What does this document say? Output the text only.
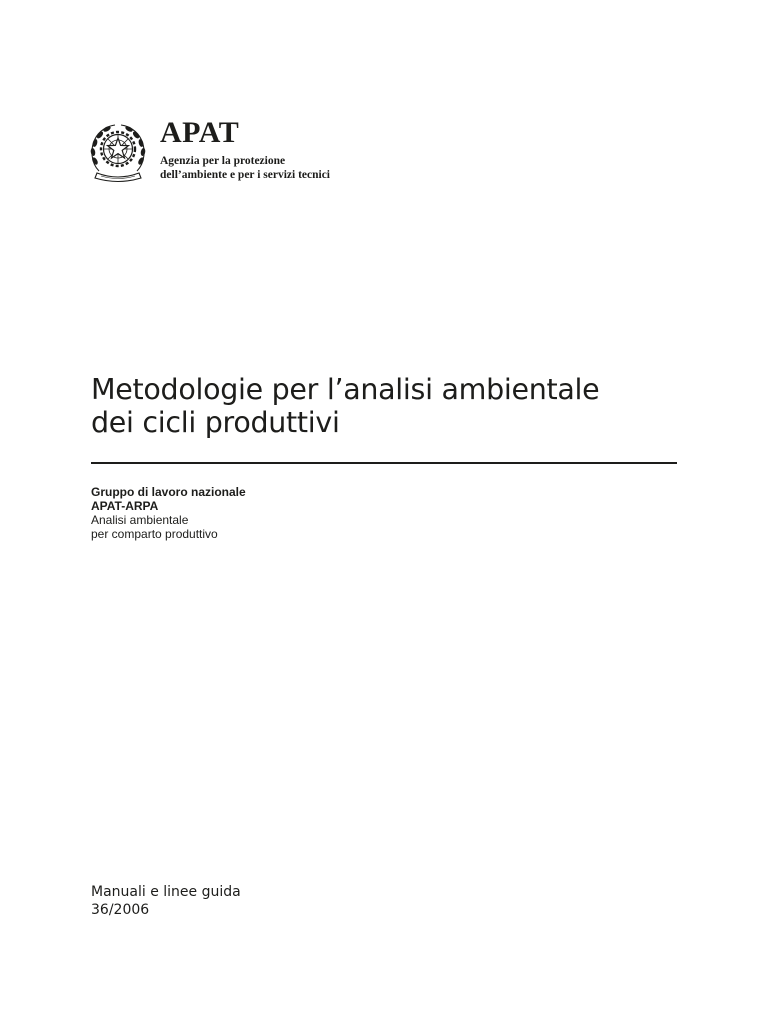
APAT
Agenzia per la protezione
dell’ambiente e per i servizi tecnici
Metodologie per l’analisi ambientale
dei cicli produttivi
Gruppo di lavoro nazionale
APAT-ARPA
Analisi ambientale
per comparto produttivo
Manuali e linee guida
36/2006
